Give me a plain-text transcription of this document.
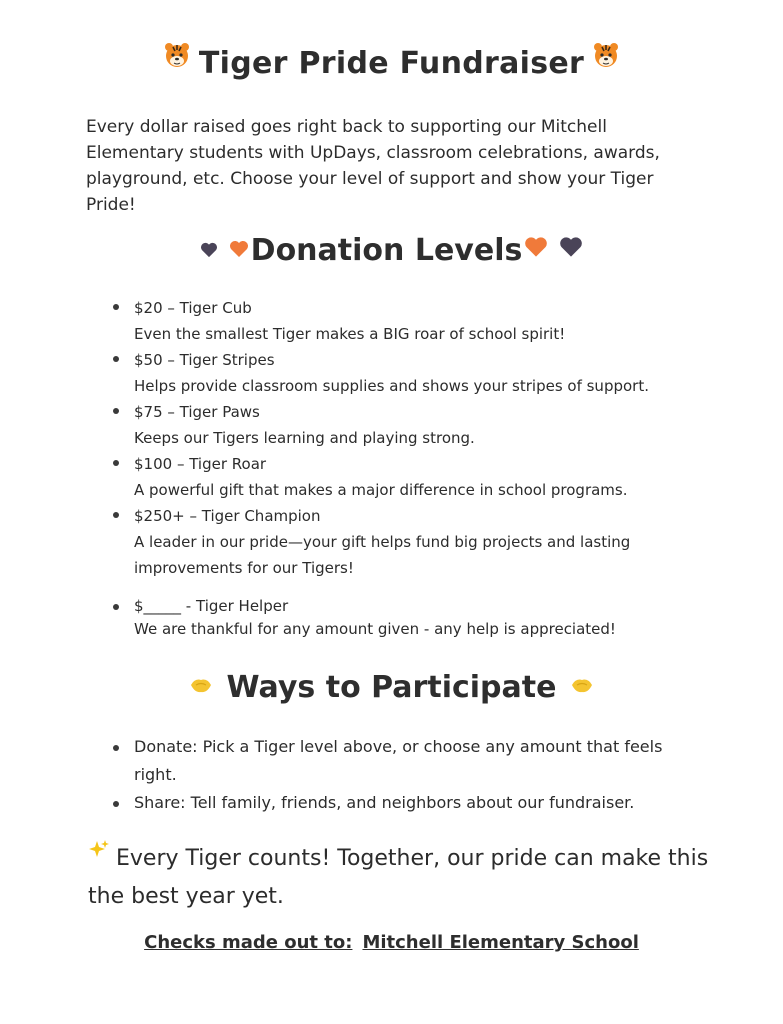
Tiger Pride Fundraiser
Every dollar raised goes right back to supporting our Mitchell Elementary students with UpDays, classroom celebrations, awards, playground, etc. Choose your level of support and show your Tiger Pride!
Donation Levels
$20 – Tiger Cub
Even the smallest Tiger makes a BIG roar of school spirit!
$50 – Tiger Stripes
Helps provide classroom supplies and shows your stripes of support.
$75 – Tiger Paws
Keeps our Tigers learning and playing strong.
$100 – Tiger Roar
A powerful gift that makes a major difference in school programs.
$250+ – Tiger Champion
A leader in our pride—your gift helps fund big projects and lasting improvements for our Tigers!
$_____ - Tiger Helper
We are thankful for any amount given - any help is appreciated!
Ways to Participate
Donate: Pick a Tiger level above, or choose any amount that feels right.
Share: Tell family, friends, and neighbors about our fundraiser.
Every Tiger counts! Together, our pride can make this the best year yet.
Checks made out to: Mitchell Elementary School
